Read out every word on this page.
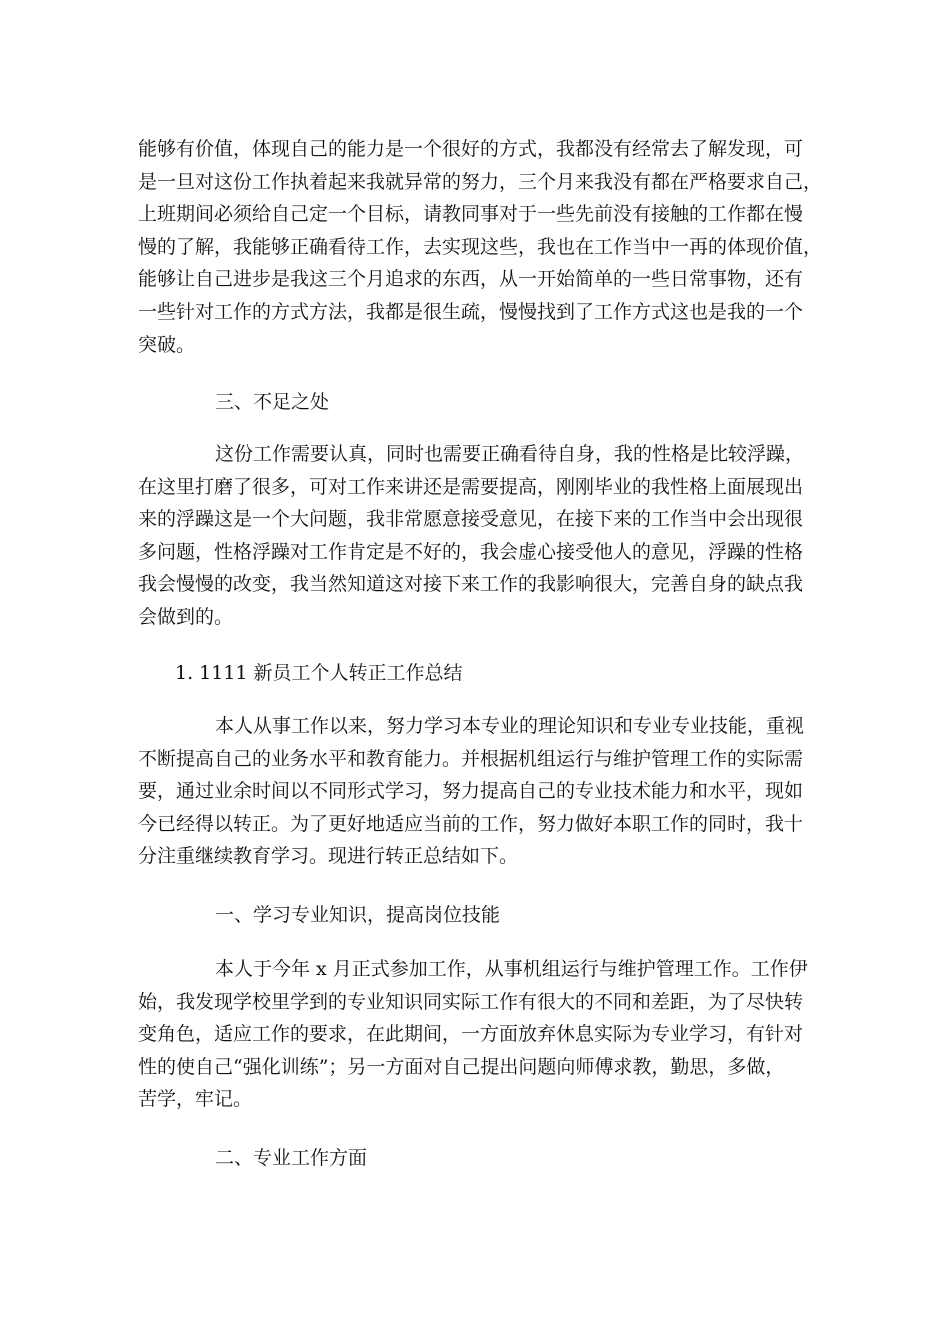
能够有价值，体现自己的能力是一个很好的方式，我都没有经常去了解发现，可
是一旦对这份工作执着起来我就异常的努力，三个月来我没有都在严格要求自己，
上班期间必须给自己定一个目标，请教同事对于一些先前没有接触的工作都在慢
慢的了解，我能够正确看待工作，去实现这些，我也在工作当中一再的体现价值，
能够让自己进步是我这三个月追求的东西，从一开始简单的一些日常事物，还有
一些针对工作的方式方法，我都是很生疏，慢慢找到了工作方式这也是我的一个
突破。
三、不足之处
这份工作需要认真，同时也需要正确看待自身，我的性格是比较浮躁，
在这里打磨了很多，可对工作来讲还是需要提高，刚刚毕业的我性格上面展现出
来的浮躁这是一个大问题，我非常愿意接受意见，在接下来的工作当中会出现很
多问题，性格浮躁对工作肯定是不好的，我会虚心接受他人的意见，浮躁的性格
我会慢慢的改变，我当然知道这对接下来工作的我影响很大，完善自身的缺点我
会做到的。
1. 1111 新员工个人转正工作总结
本人从事工作以来，努力学习本专业的理论知识和专业专业技能，重视
不断提高自己的业务水平和教育能力。并根据机组运行与维护管理工作的实际需
要，通过业余时间以不同形式学习，努力提高自己的专业技术能力和水平，现如
今已经得以转正。为了更好地适应当前的工作，努力做好本职工作的同时，我十
分注重继续教育学习。现进行转正总结如下。
一、学习专业知识，提高岗位技能
本人于今年 x 月正式参加工作，从事机组运行与维护管理工作。工作伊
始，我发现学校里学到的专业知识同实际工作有很大的不同和差距，为了尽快转
变角色，适应工作的要求，在此期间，一方面放弃休息实际为专业学习，有针对
性的使自己“强化训练”；另一方面对自己提出问题向师傅求教，勤思，多做，
苦学，牢记。
二、专业工作方面
